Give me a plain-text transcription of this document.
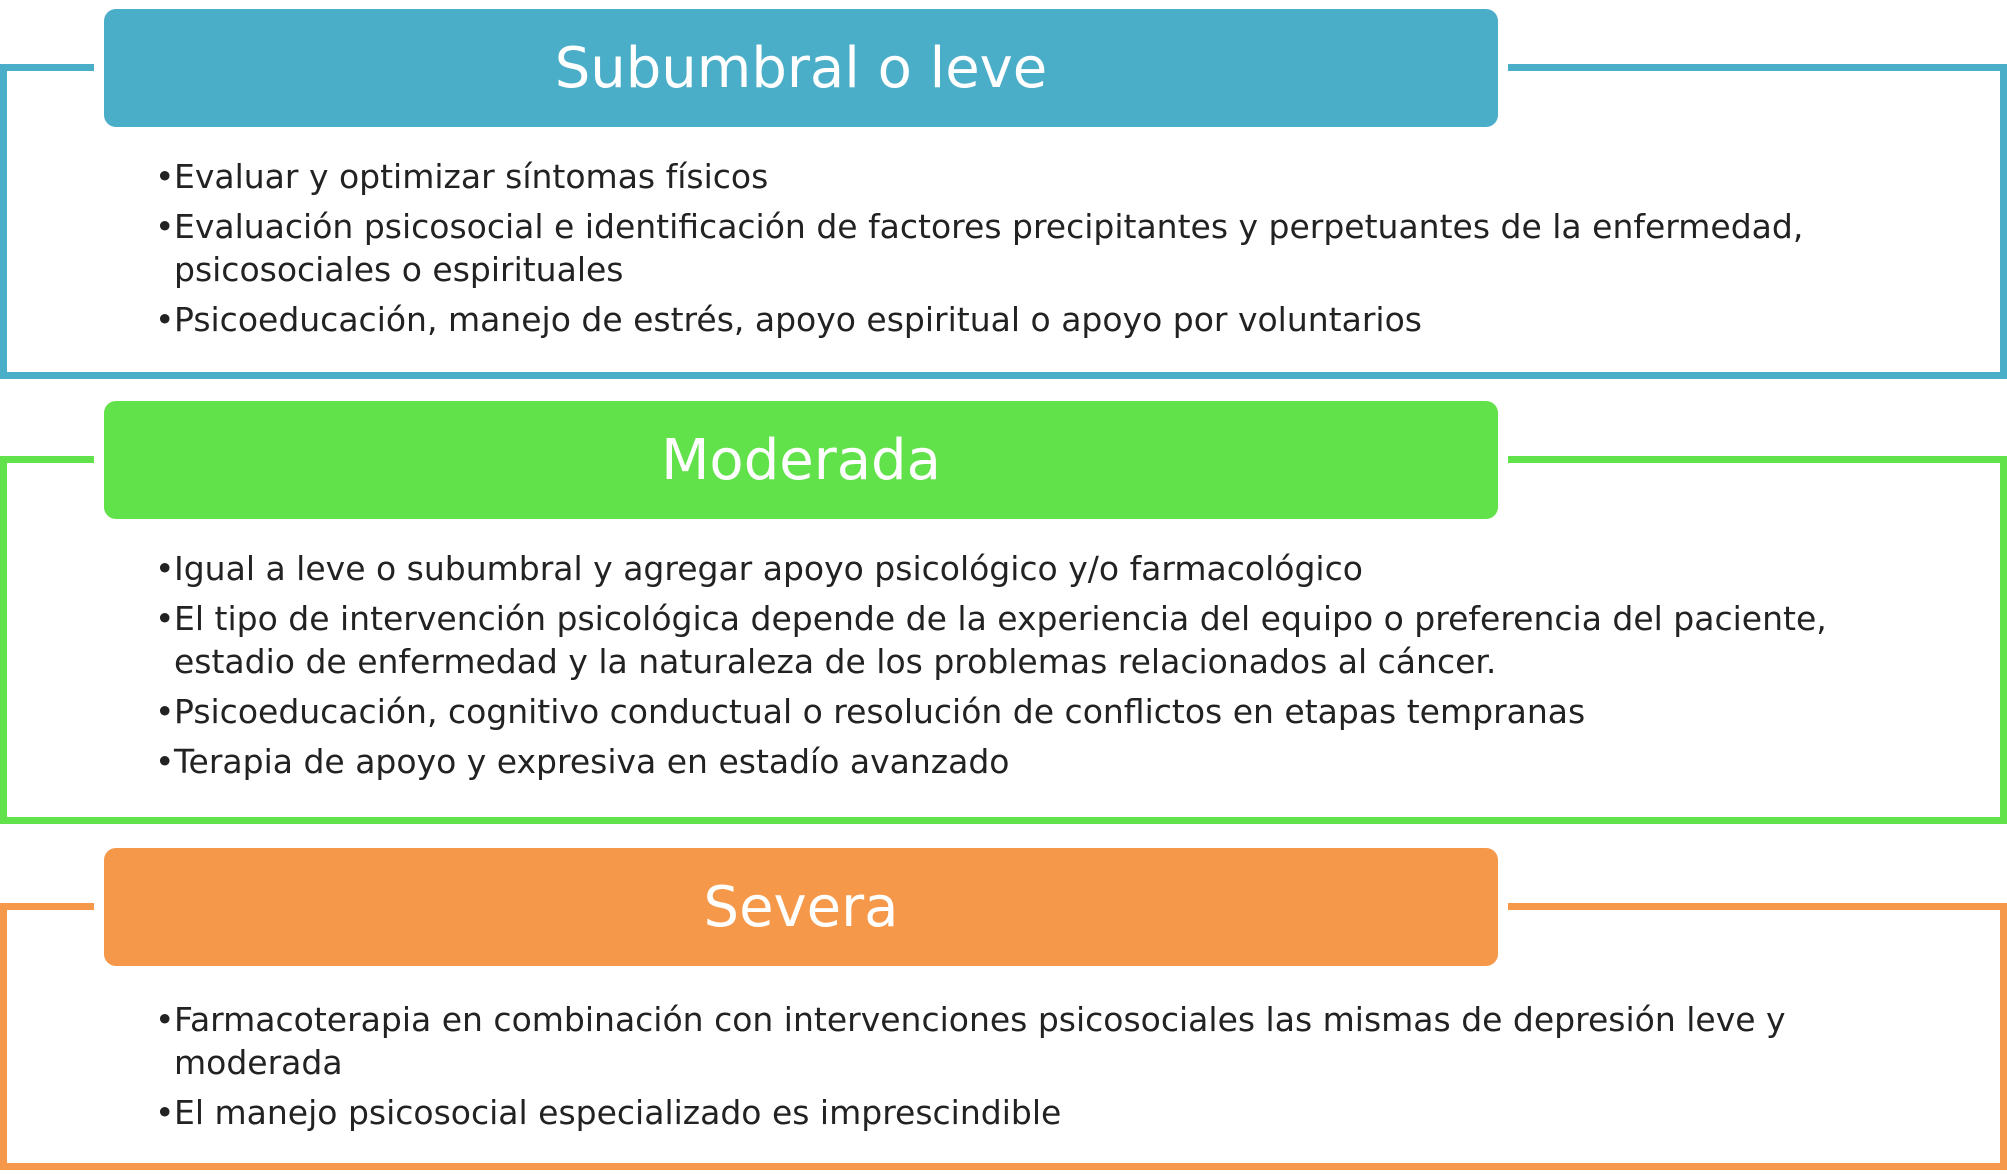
Subumbral o leve
• Evaluar y optimizar síntomas físicos
• Evaluación psicosocial e identificación de factores precipitantes y perpetuantes de la enfermedad, psicosociales o espirituales
• Psicoeducación, manejo de estrés, apoyo espiritual o apoyo por voluntarios
Moderada
• Igual a leve o subumbral y agregar apoyo psicológico y/o farmacológico
• El tipo de intervención psicológica depende de la experiencia del equipo o preferencia del paciente, estadio de enfermedad y la naturaleza de los problemas relacionados al cáncer.
• Psicoeducación, cognitivo conductual o resolución de conflictos en etapas tempranas
• Terapia de apoyo y expresiva en estadío avanzado
Severa
• Farmacoterapia en combinación con intervenciones psicosociales las mismas de depresión leve y moderada
• El manejo psicosocial especializado es imprescindible
